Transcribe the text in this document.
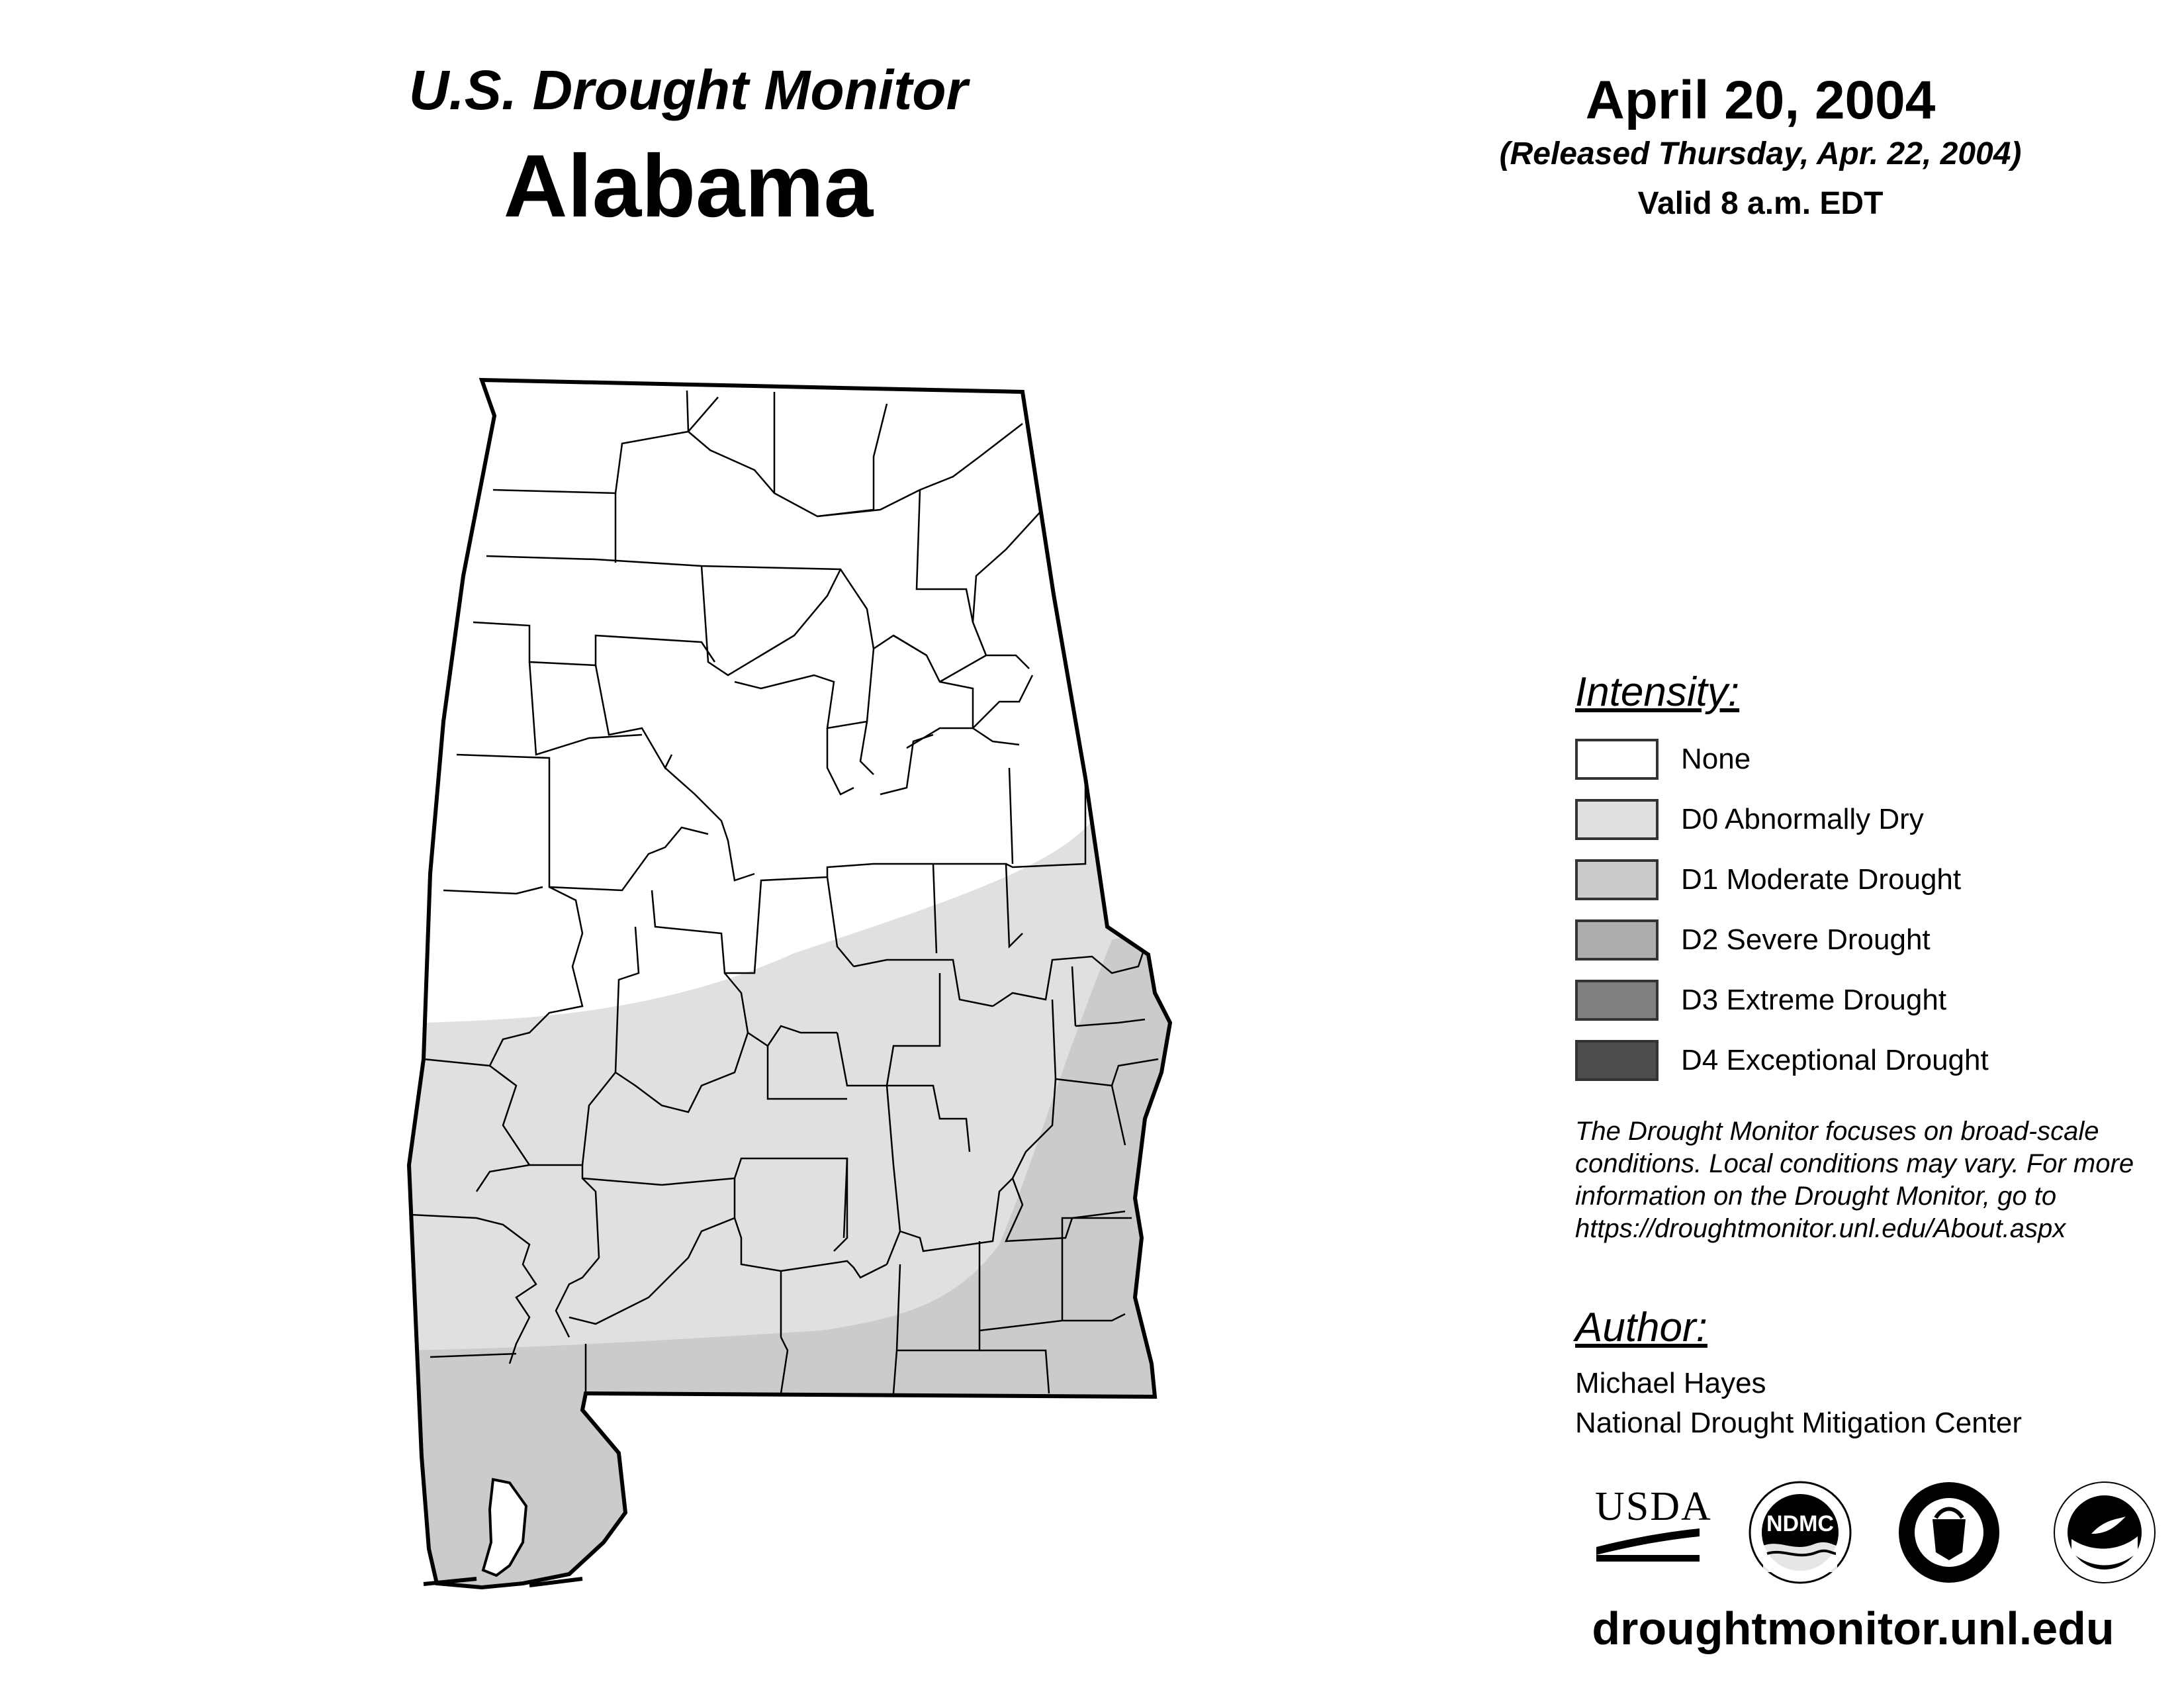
U.S. Drought Monitor
Alabama
April 20, 2004
(Released Thursday, Apr. 22, 2004)
Valid 8 a.m. EDT
Intensity:
None
D0 Abnormally Dry
D1 Moderate Drought
D2 Severe Drought
D3 Extreme Drought
D4 Exceptional Drought
The Drought Monitor focuses on broad-scale
conditions. Local conditions may vary. For more
information on the Drought Monitor, go to
https://droughtmonitor.unl.edu/About.aspx
Author:
Michael Hayes
National Drought Mitigation Center
USDA	NDMC
droughtmonitor.unl.edu
